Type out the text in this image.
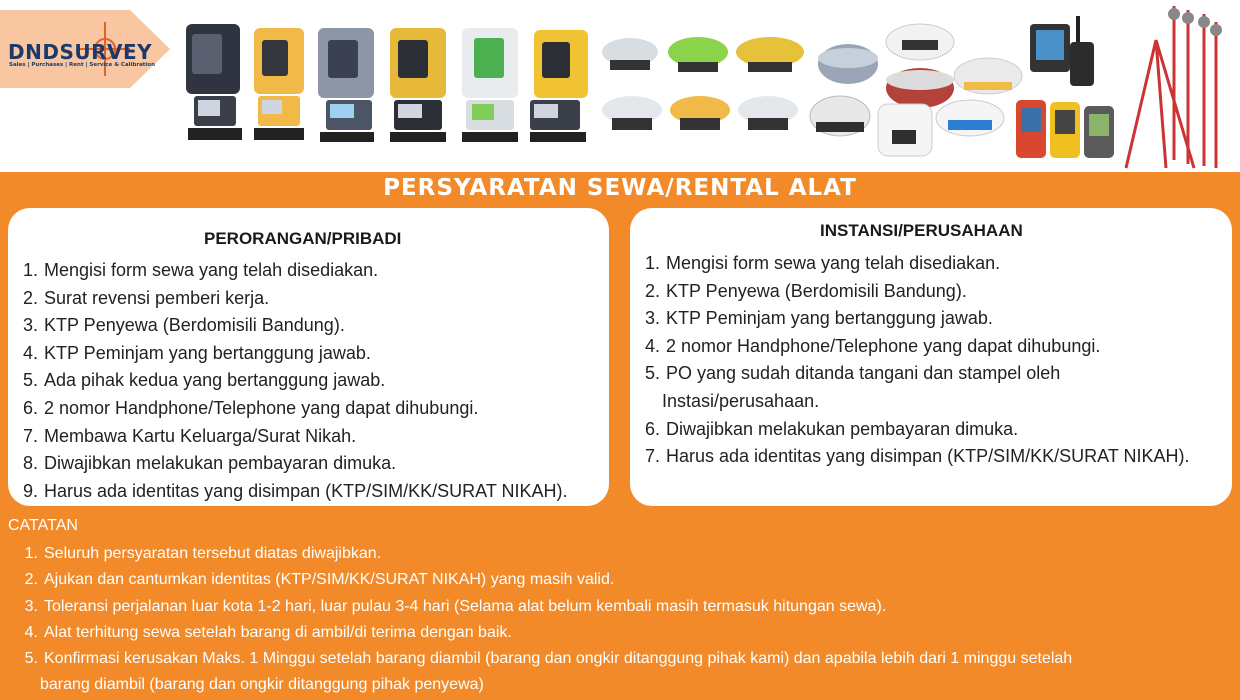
DNDSURVEY
Sales | Purchases | Rent | Service & Calibration
PERSYARATAN SEWA/RENTAL ALAT
PERORANGAN/PRIBADI
1. Mengisi form sewa yang telah disediakan.
2. Surat revensi pemberi kerja.
3. KTP Penyewa (Berdomisili Bandung).
4. KTP Peminjam yang bertanggung jawab.
5. Ada pihak kedua yang bertanggung jawab.
6. 2 nomor Handphone/Telephone yang dapat dihubungi.
7. Membawa Kartu Keluarga/Surat Nikah.
8. Diwajibkan melakukan pembayaran dimuka.
9. Harus ada identitas yang disimpan (KTP/SIM/KK/SURAT NIKAH).
INSTANSI/PERUSAHAAN
1. Mengisi form sewa yang telah disediakan.
2. KTP Penyewa (Berdomisili Bandung).
3. KTP Peminjam yang bertanggung jawab.
4. 2 nomor Handphone/Telephone yang dapat dihubungi.
5. PO yang sudah ditanda tangani dan stampel oleh
Instasi/perusahaan.
6. Diwajibkan melakukan pembayaran dimuka.
7. Harus ada identitas yang disimpan (KTP/SIM/KK/SURAT NIKAH).
CATATAN
1. Seluruh persyaratan tersebut diatas diwajibkan.
2. Ajukan dan cantumkan identitas (KTP/SIM/KK/SURAT NIKAH) yang masih valid.
3. Toleransi perjalanan luar kota 1-2 hari, luar pulau 3-4 hari (Selama alat belum kembali masih termasuk hitungan sewa).
4. Alat terhitung sewa setelah barang di ambil/di terima dengan baik.
5. Konfirmasi kerusakan Maks. 1 Minggu setelah barang diambil (barang dan ongkir ditanggung pihak kami) dan apabila lebih dari 1 minggu setelah
barang diambil (barang dan ongkir ditanggung pihak penyewa)
